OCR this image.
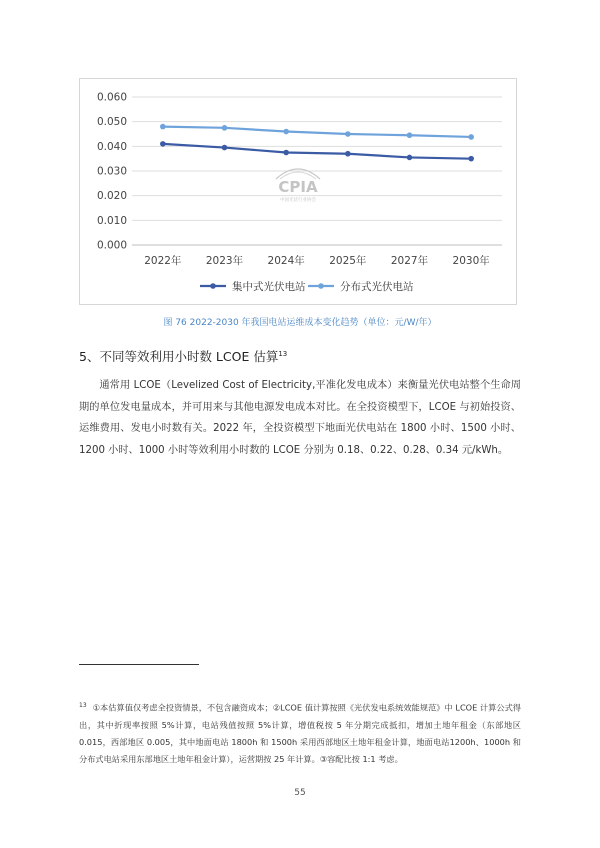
CPIA
中国光伏行业协会
0.060
0.050
0.040
0.030
0.020
0.010
0.000
2022年 2023年 2024年 2025年 2027年 2030年
集中式光伏电站	分布式光伏电站
图 76 2022-2030 年我国电站运维成本变化趋势（单位：元/W/年）
5、不同等效利用小时数 LCOE 估算$^{13}$

通常用 LCOE（Levelized Cost of Electricity,平准化发电成本）来衡量光伏电站整个生命周期的单位发电量成本，并可用来与其他电源发电成本对比。在全投资模型下，LCOE 与初始投资、运维费用、发电小时数有关。2022 年，全投资模型下地面光伏电站在 1800 小时、1500 小时、1200 小时、1000 小时等效利用小时数的 LCOE 分别为 0.18、0.22、0.28、0.34 元/kWh。

$^{13}$ ①本估算值仅考虑全投资情景，不包含融资成本；②LCOE 值计算按照《光伏发电系统效能规范》中 LCOE 计算公式得出，其中折现率按照 5%计算，电站残值按照 5%计算，增值税按 5 年分期完成抵扣，增加土地年租金（东部地区 0.015，西部地区 0.005，其中地面电站 1800h 和 1500h 采用西部地区土地年租金计算，地面电站1200h、1000h 和分布式电站采用东部地区土地年租金计算），运营期按 25 年计算。③容配比按 1:1 考虑。
55
